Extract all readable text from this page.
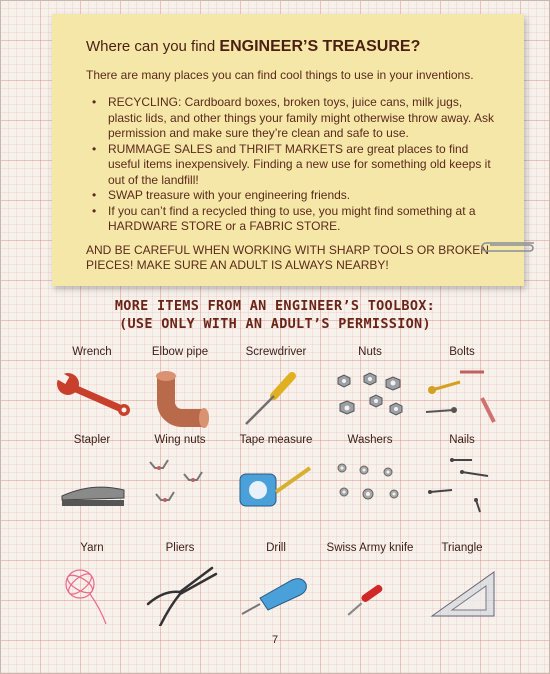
Where can you find ENGINEER’S TREASURE?

There are many places you can find cool things to use in your inventions.

• RECYCLING: Cardboard boxes, broken toys, juice cans, milk jugs, plastic lids, and other things your family might otherwise throw away. Ask permission and make sure they’re clean and safe to use.
• RUMMAGE SALES and THRIFT MARKETS are great places to find useful items inexpensively. Finding a new use for something old keeps it out of the landfill!
• SWAP treasure with your engineering friends.
• If you can’t find a recycled thing to use, you might find something at a HARDWARE STORE or a FABRIC STORE.

AND BE CAREFUL WHEN WORKING WITH SHARP TOOLS OR BROKEN PIECES! MAKE SURE AN ADULT IS ALWAYS NEARBY!

MORE ITEMS FROM AN ENGINEER’S TOOLBOX:
(USE ONLY WITH AN ADULT’S PERMISSION)
Wrench	Elbow pipe	Screwdriver	Nuts	Bolts
Stapler	Wing nuts	Tape measure	Washers	Nails
Yarn	Pliers	Drill	Swiss Army knife	Triangle
7
